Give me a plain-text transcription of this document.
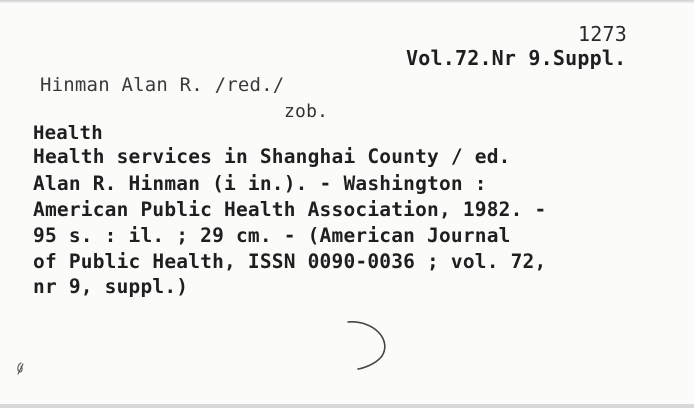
1273
Vol.72.Nr 9.Suppl.
Hinman Alan R. /red./
zob.
Health
Health services in Shanghai County / ed.
Alan R. Hinman (i in.). - Washington :
American Public Health Association, 1982. -
95 s. : il. ; 29 cm. - (American Journal
of Public Health, ISSN 0090-0036 ; vol. 72,
nr 9, suppl.)
